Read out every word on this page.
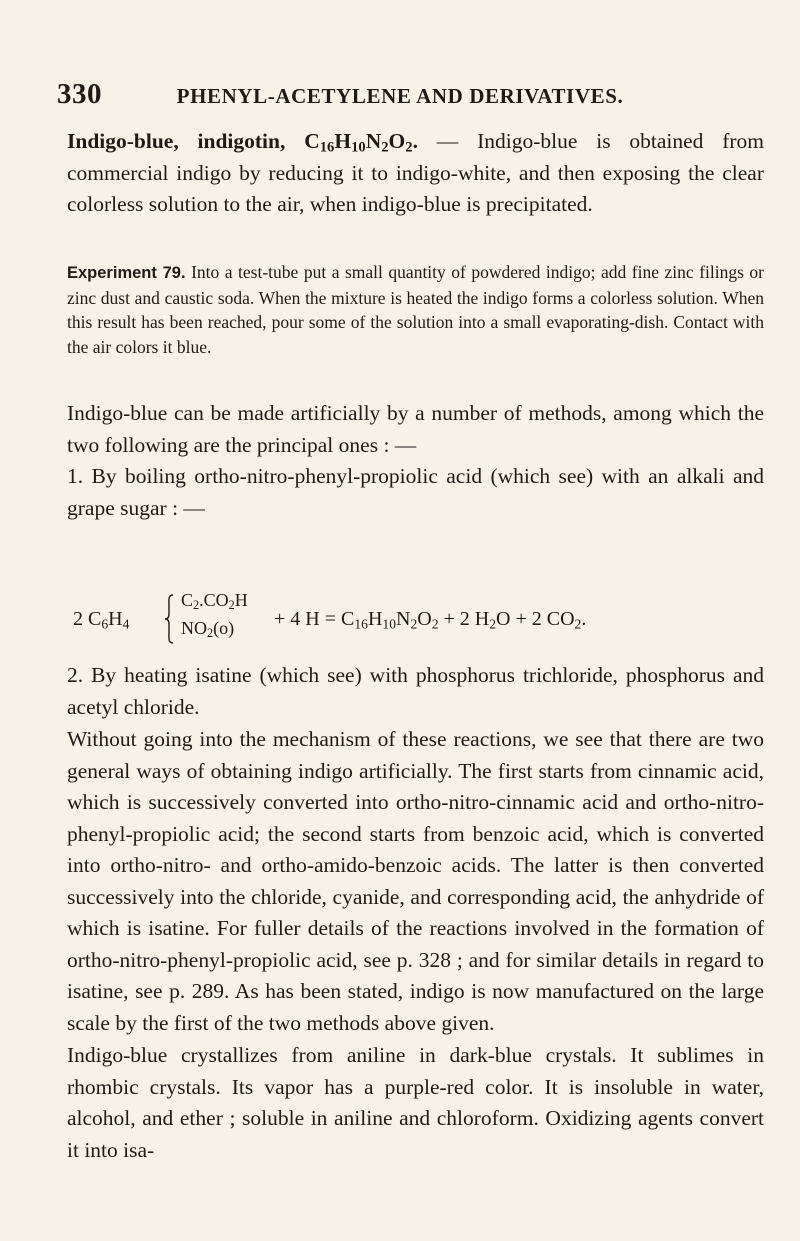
330	PHENYL-ACETYLENE AND DERIVATIVES.

Indigo-blue, indigotin, $C_{16}H_{10}N_2O_2$. — Indigo-blue is obtained from commercial indigo by reducing it to indigo-white, and then exposing the clear colorless solution to the air, when indigo-blue is precipitated.

Experiment 79. Into a test-tube put a small quantity of powdered indigo; add fine zinc filings or zinc dust and caustic soda. When the mixture is heated the indigo forms a colorless solution. When this result has been reached, pour some of the solution into a small evaporating-dish. Contact with the air colors it blue.

Indigo-blue can be made artificially by a number of methods, among which the two following are the principal ones : —

1. By boiling ortho-nitro-phenyl-propiolic acid (which see) with an alkali and grape sugar : —

2 $C_6H_4$
$C_2.CO_2H$
$NO_2(o) + 4$ $H = C_{16}H_{10}N_2O_2 + 2$ $H_2O + 2$ $CO_2$.

2. By heating isatine (which see) with phosphorus trichloride, phosphorus and acetyl chloride.

Without going into the mechanism of these reactions, we see that there are two general ways of obtaining indigo artificially. The first starts from cinnamic acid, which is successively converted into ortho-nitro-cinnamic acid and ortho-nitro-phenyl-propiolic acid; the second starts from benzoic acid, which is converted into ortho-nitro- and ortho-amido-benzoic acids. The latter is then converted successively into the chloride, cyanide, and corresponding acid, the anhydride of which is isatine. For fuller details of the reactions involved in the formation of ortho-nitro-phenyl-propiolic acid, see p. 328 ; and for similar details in regard to isatine, see p. 289. As has been stated, indigo is now manufactured on the large scale by the first of the two methods above given.

Indigo-blue crystallizes from aniline in dark-blue crystals. It sublimes in rhombic crystals. Its vapor has a purple-red color. It is insoluble in water, alcohol, and ether ; soluble in aniline and chloroform. Oxidizing agents convert it into isa-
